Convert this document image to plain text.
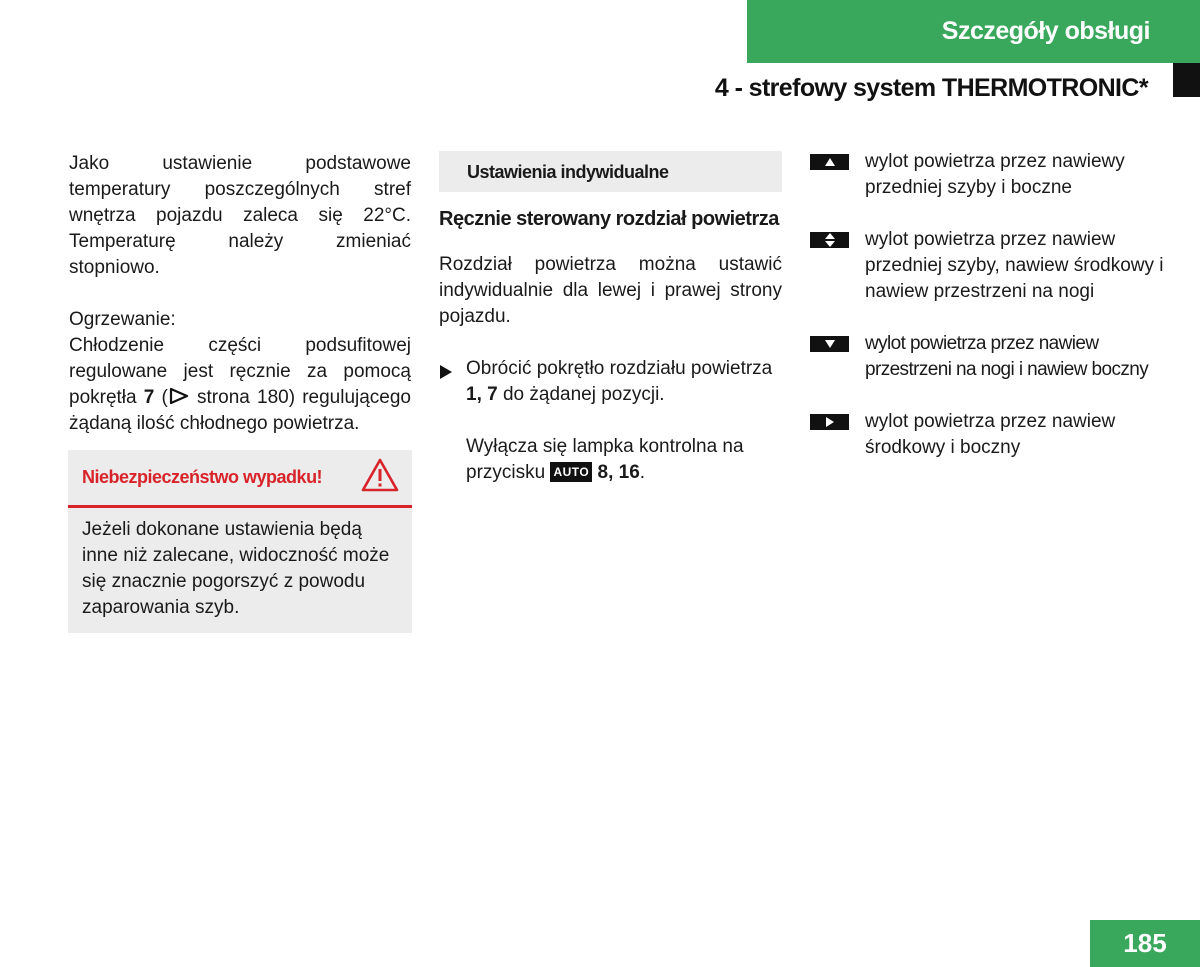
Szczegóły obsługi
4 - strefowy system THERMOTRONIC*

Jako ustawienie podstawowe temperatury poszczególnych stref wnętrza pojazdu zaleca się 22°C. Temperaturę należy zmieniać stopniowo.

Ogrzewanie:

Chłodzenie części podsufitowej regulowane jest ręcznie za pomocą pokrętła 7 ( strona 180) regulującego żądaną ilość chłodnego powietrza.

Niebezpieczeństwo wypadku!
Jeżeli dokonane ustawienia będą inne niż zalecane, widoczność może się znacznie pogorszyć z powodu zaparowania szyb.
Ustawienia indywidualne
Ręcznie sterowany rozdział powietrza

Rozdział powietrza można ustawić indywidualnie dla lewej i prawej strony pojazdu.

Obrócić pokrętło rozdziału powietrza 1, 7 do żądanej pozycji.

Wyłącza się lampka kontrolna na przycisku AUTO 8, 16.

wylot powietrza przez nawiewy przedniej szyby i boczne
wylot powietrza przez nawiew przedniej szyby, nawiew środkowy i nawiew przestrzeni na nogi
wylot powietrza przez nawiew przestrzeni na nogi i nawiew boczny
wylot powietrza przez nawiew środkowy i boczny
185
